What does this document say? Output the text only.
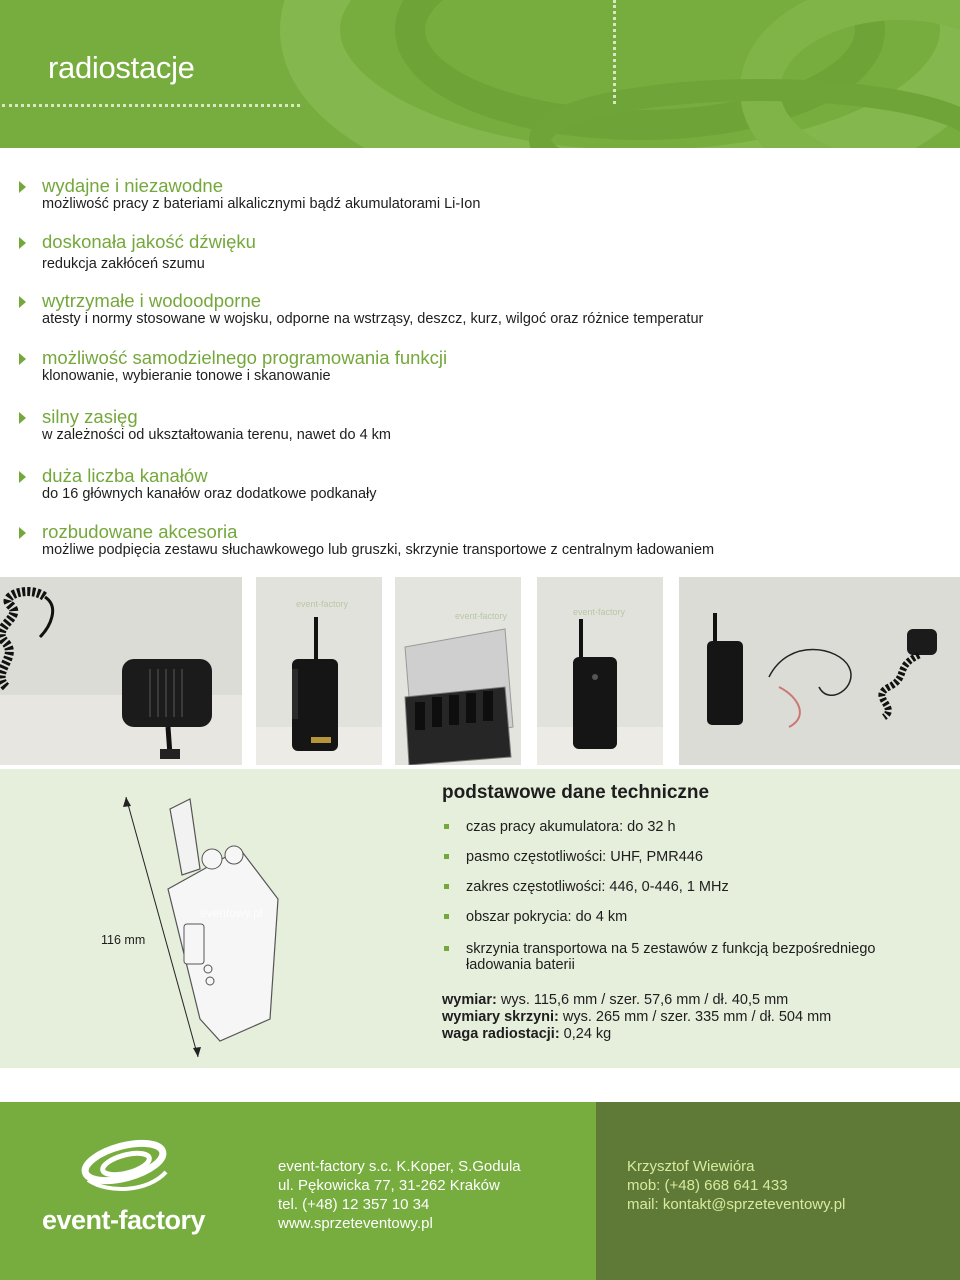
radiostacje
wydajne i niezawodne
możliwość pracy z bateriami alkalicznymi bądź akumulatorami Li-Ion
doskonała jakość dźwięku
redukcja zakłóceń szumu
wytrzymałe i wodoodporne
atesty i normy stosowane w wojsku, odporne na wstrząsy, deszcz, kurz, wilgoć oraz różnice temperatur
możliwość samodzielnego programowania funkcji
klonowanie, wybieranie tonowe i skanowanie
silny zasięg
w zależności od ukształtowania terenu, nawet do 4 km
duża liczba kanałów
do 16 głównych kanałów oraz dodatkowe podkanały
rozbudowane akcesoria
możliwe podpięcia zestawu słuchawkowego lub gruszki, skrzynie transportowe z centralnym ładowaniem
event-factory
event-factory	event-factory
eventowy.pl
116 mm
podstawowe dane techniczne
czas pracy akumulatora: do 32 h
pasmo częstotliwości: UHF, PMR446
zakres częstotliwości: 446, 0-446, 1 MHz
obszar pokrycia: do 4 km
skrzynia transportowa na 5 zestawów z funkcją bezpośredniego ładowania baterii
wymiar: wys. 115,6 mm / szer. 57,6 mm / dł. 40,5 mm
wymiary skrzyni: wys. 265 mm / szer. 335 mm / dł. 504 mm
waga radiostacji: 0,24 kg
event-factory
event-factory s.c. K.Koper, S.Godula
ul. Pękowicka 77, 31-262 Kraków
tel. (+48) 12 357 10 34
www.sprzeteventowy.pl
Krzysztof Wiewióra
mob: (+48) 668 641 433
mail: kontakt@sprzeteventowy.pl
